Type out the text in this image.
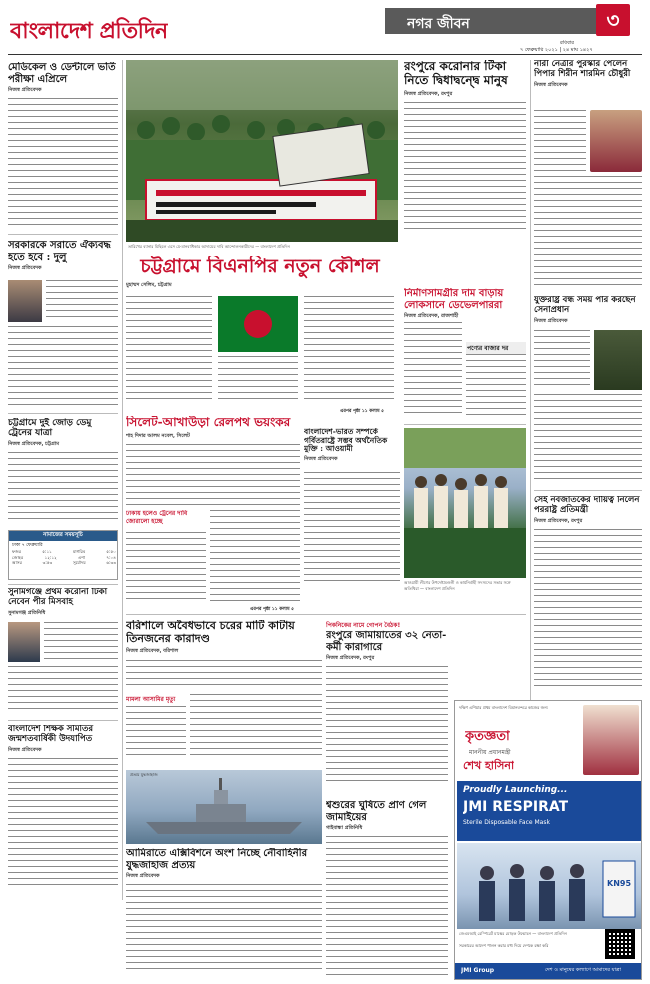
বাংলাদেশ প্রতিদিন	নগর জীবন	৩
রবিবার
৭ ফেব্রুয়ারি ২০২১ | ২৪ মাঘ ১৪২৭
মেডিকেল ও ডেন্টালে ভর্তি পরীক্ষা এপ্রিলে
নিজস্ব প্রতিবেদক
সরকারকে সরাতে ঐক্যবদ্ধ হতে হবে : দুলু
নিজস্ব প্রতিবেদক
চট্টগ্রামে দুই জোড় ডেমু ট্রেনের যাত্রা
নিজস্ব প্রতিবেদক, চট্টগ্রাম
নামাজের সময়সূচি
ঢাকা ৭ ফেব্রুয়ারি
ফজর	৫:১১	মাগরিব	৫:৫০
জোহর	১২:১২	এশা	৭:০৪
আসর	৩:৫৩	সূর্যোদয়	৬:৩৩
সুনামগঞ্জে প্রথম করোনা টিকা নেবেন পীর মিসবাহ
সুনামগঞ্জ প্রতিনিধি
বাংলাদেশ শিক্ষক সমিতির জন্মশতবার্ষিকী উদযাপিত
নিজস্ব প্রতিবেদক
তারিখের ব্যানার মিছিলে এসে যে-মানবাধিকার আদায়ের দাবি আন্দোলনকারীদের — বাংলাদেশ প্রতিদিন
রংপুরে করোনার টিকা নিতে দ্বিধাদ্বন্দ্বে মানুষ
নিজস্ব প্রতিবেদক, রংপুর
নারী নেত্রীর পুরস্কার পেলেন পিপার শিরীন শারমিন চৌধুরী
নিজস্ব প্রতিবেদক
চট্টগ্রামে বিএনপির নতুন কৌশল
মুহাম্মদ সেলিম, চট্টগ্রাম
এরপর পৃষ্ঠা ১১ কলাম ৫
নির্মাণসামগ্রীর দাম বাড়ায় লোকসানে ডেভেলপাররা
নিজস্ব প্রতিবেদক, রাজশাহী
পণ্যের বাজার দর
যুক্তরাষ্ট্র বন্ধ সময় পার করছেন সেনাপ্রধান
নিজস্ব প্রতিবেদক
সিলেট-আখাউড়া রেলপথ ভয়ংকর
শাহ দিদার আলম নবেল, সিলেট
ঢাকায় হলেও ট্রেনের দাবি জোরালো হচ্ছে
এরপর পৃষ্ঠা ১১ কলাম ৫
বাংলাদেশ-ভারত সম্পর্কে গর্বিতরাষ্ট্রে সম্ভব অর্থনৈতিক মুক্তি : আওয়ামী
নিজস্ব প্রতিবেদক
আওয়ামী লীগের উপদেষ্টামণ্ডলী ও কার্যনির্বাহী সদস্যদের সভার সঙ্গে অতিথিরা — বাংলাদেশ প্রতিদিন
সেই নবজাতকের দায়িত্ব নিলেন পররাষ্ট্র প্রতিমন্ত্রী
নিজস্ব প্রতিবেদক, রংপুর
বরিশালে অবৈধভাবে চরের মাটি কাটায় তিনজনের কারাদণ্ড
নিজস্ব প্রতিবেদক, বরিশাল
মামলা আসামির মৃত্যু
পিকনিকের নামে গোপন বৈঠক!
রংপুরে জামায়াতের ৩২ নেতা-কর্মী কারাগারে
নিজস্ব প্রতিবেদক, রংপুর
শ্বশুরের ঘুষিতে প্রাণ গেল জামাইয়ের
গাইবান্ধা প্রতিনিধি
প্রত্যয় যুদ্ধজাহাজ
আমিরাতে এক্সিবিশনে অংশ নিচ্ছে নৌবাহিনীর যুদ্ধজাহাজ প্রত্যয়
নিজস্ব প্রতিবেদক
দক্ষিণ এশিয়ার প্রথম বাংলাদেশ বিমানবন্দরে কাজের জন্য
কৃতজ্ঞতা
মাননীয় প্রধানমন্ত্রী
শেখ হাসিনা
Proudly Launching...
JMI RESPIRAT
Sterile Disposable Face Mask
KN95
জেএমআই রেস্পিরেট মাস্কের মোড়ক উন্মোচন — বাংলাদেশ প্রতিদিন
সরকারের আদেশ পালন করার মধ্য দিয়ে দেশকে রক্ষা করি
JMI Group	দেশ ও মানুষের কল্যাণে আমাদের যাত্রা
